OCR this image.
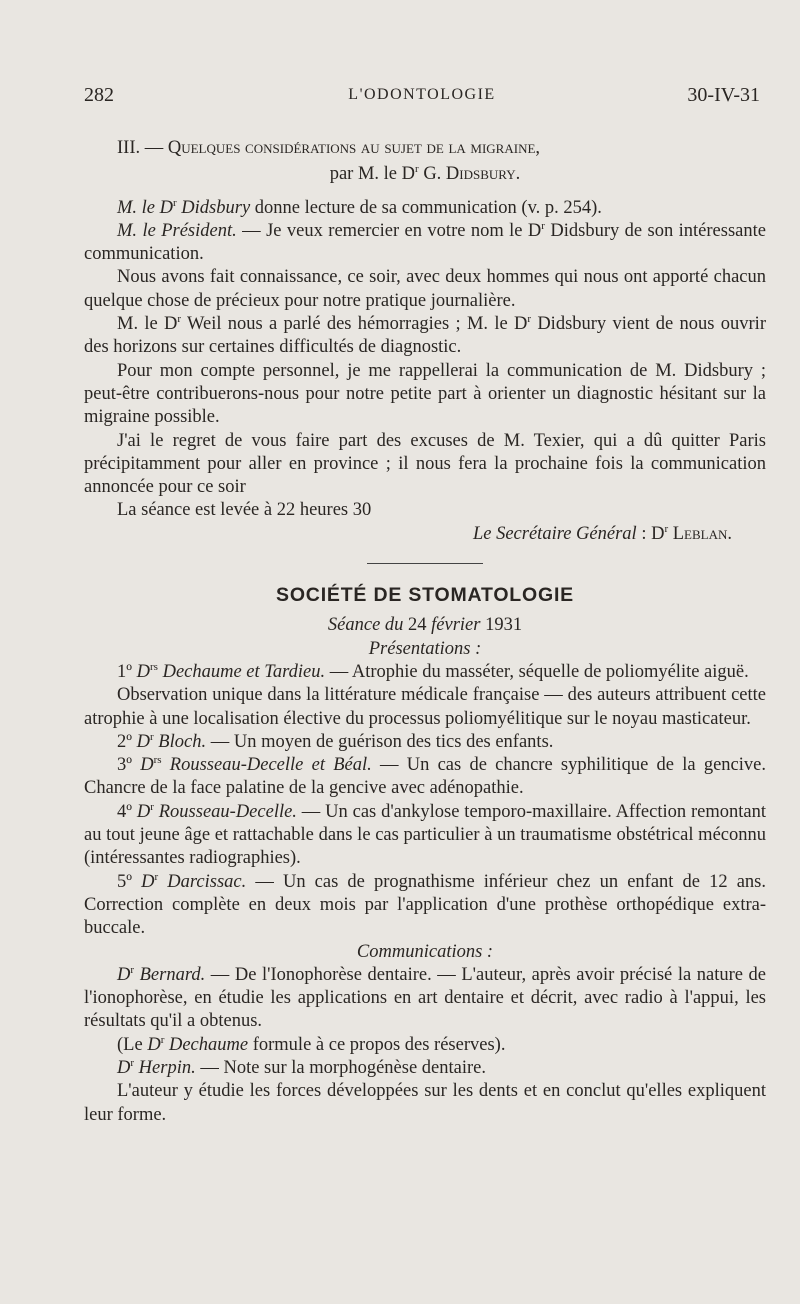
282	L'ODONTOLOGIE	30-IV-31

III. — Quelques considérations au sujet de la migraine,

par M. le $D^r$ G. Didsbury.

M. le $D^r$ Didsbury donne lecture de sa communication (v. p. 254).

M. le Président. — Je veux remercier en votre nom le $D^r$ Didsbury de son intéressante communication.

Nous avons fait connaissance, ce soir, avec deux hommes qui nous ont apporté chacun quelque chose de précieux pour notre pratique journalière.

M. le $D^r$ Weil nous a parlé des hémorragies ; M. le $D^r$ Didsbury vient de nous ouvrir des horizons sur certaines difficultés de diagnostic.

Pour mon compte personnel, je me rappellerai la communication de M. Didsbury ; peut-être contribuerons-nous pour notre petite part à orienter un diagnostic hésitant sur la migraine possible.

J'ai le regret de vous faire part des excuses de M. Texier, qui a dû quitter Paris précipitamment pour aller en province ; il nous fera la prochaine fois la communication annoncée pour ce soir

La séance est levée à 22 heures 30

Le Secrétaire Général : $D^r$ Leblan.

SOCIÉTÉ DE STOMATOLOGIE

Séance du 24 février 1931

Présentations :

1º $D^{rs}$ Dechaume et Tardieu. — Atrophie du masséter, séquelle de poliomyélite aiguë.

Observation unique dans la littérature médicale française — des auteurs attribuent cette atrophie à une localisation élective du processus poliomyélitique sur le noyau masticateur.

2º $D^r$ Bloch. — Un moyen de guérison des tics des enfants.

3º $D^{rs}$ Rousseau-Decelle et Béal. — Un cas de chancre syphilitique de la gencive. Chancre de la face palatine de la gencive avec adénopathie.

4º $D^r$ Rousseau-Decelle. — Un cas d'ankylose temporo-maxillaire. Affection remontant au tout jeune âge et rattachable dans le cas particulier à un traumatisme obstétrical méconnu (intéressantes radiographies).

5º $D^r$ Darcissac. — Un cas de prognathisme inférieur chez un enfant de 12 ans. Correction complète en deux mois par l'application d'une prothèse orthopédique extra-buccale.

Communications :

$D^r$ Bernard. — De l'Ionophorèse dentaire. — L'auteur, après avoir précisé la nature de l'ionophorèse, en étudie les applications en art dentaire et décrit, avec radio à l'appui, les résultats qu'il a obtenus.

(Le $D^r$ Dechaume formule à ce propos des réserves).

$D^r$ Herpin. — Note sur la morphogénèse dentaire.

L'auteur y étudie les forces développées sur les dents et en conclut qu'elles expliquent leur forme.
